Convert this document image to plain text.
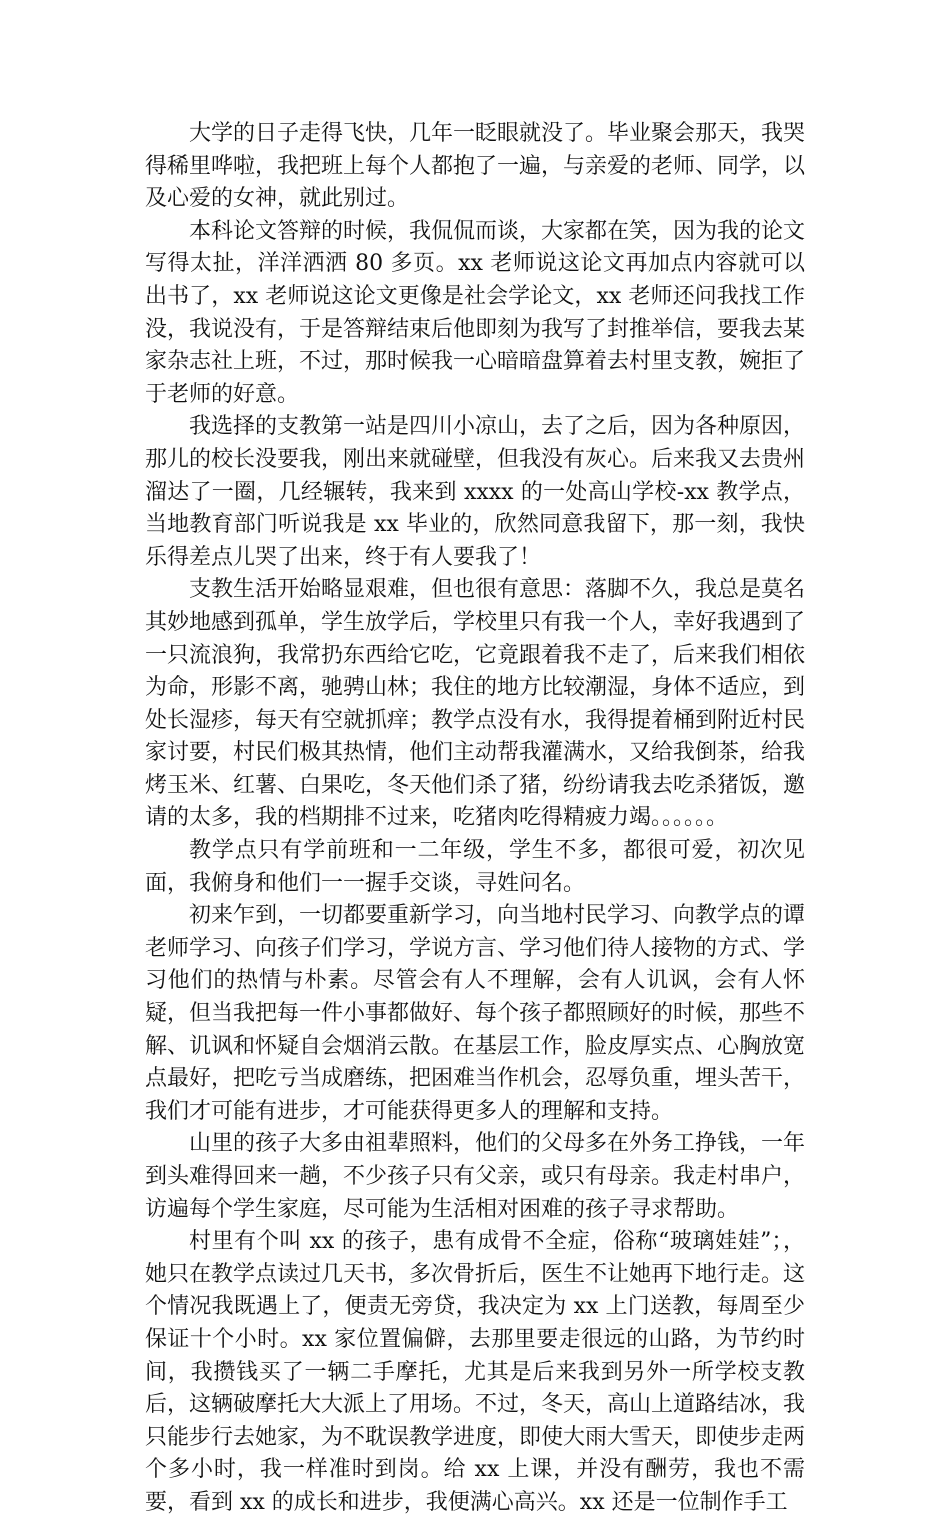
大学的日子走得飞快，几年一眨眼就没了。毕业聚会那天，我哭得稀里哗啦，我把班上每个人都抱了一遍，与亲爱的老师、同学，以及心爱的女神，就此别过。

本科论文答辩的时候，我侃侃而谈，大家都在笑，因为我的论文写得太扯，洋洋洒洒 80 多页。xx 老师说这论文再加点内容就可以出书了，xx 老师说这论文更像是社会学论文，xx 老师还问我找工作没，我说没有，于是答辩结束后他即刻为我写了封推举信，要我去某家杂志社上班，不过，那时候我一心暗暗盘算着去村里支教，婉拒了于老师的好意。

我选择的支教第一站是四川小凉山，去了之后，因为各种原因，那儿的校长没要我，刚出来就碰壁，但我没有灰心。后来我又去贵州溜达了一圈，几经辗转，我来到 xxxx 的一处高山学校-xx 教学点，当地教育部门听说我是 xx 毕业的，欣然同意我留下，那一刻，我快乐得差点儿哭了出来，终于有人要我了！

支教生活开始略显艰难，但也很有意思：落脚不久，我总是莫名其妙地感到孤单，学生放学后，学校里只有我一个人，幸好我遇到了一只流浪狗，我常扔东西给它吃，它竟跟着我不走了，后来我们相依为命，形影不离，驰骋山林；我住的地方比较潮湿，身体不适应，到处长湿疹，每天有空就抓痒；教学点没有水，我得提着桶到附近村民家讨要，村民们极其热情，他们主动帮我灌满水，又给我倒茶，给我烤玉米、红薯、白果吃，冬天他们杀了猪，纷纷请我去吃杀猪饭，邀请的太多，我的档期排不过来，吃猪肉吃得精疲力竭。。。。。。

教学点只有学前班和一二年级，学生不多，都很可爱，初次见面，我俯身和他们一一握手交谈，寻姓问名。

初来乍到，一切都要重新学习，向当地村民学习、向教学点的谭老师学习、向孩子们学习，学说方言、学习他们待人接物的方式、学习他们的热情与朴素。尽管会有人不理解，会有人讥讽，会有人怀疑，但当我把每一件小事都做好、每个孩子都照顾好的时候，那些不解、讥讽和怀疑自会烟消云散。在基层工作，脸皮厚实点、心胸放宽点最好，把吃亏当成磨练，把困难当作机会，忍辱负重，埋头苦干，我们才可能有进步，才可能获得更多人的理解和支持。

山里的孩子大多由祖辈照料，他们的父母多在外务工挣钱，一年到头难得回来一趟，不少孩子只有父亲，或只有母亲。我走村串户，访遍每个学生家庭，尽可能为生活相对困难的孩子寻求帮助。

村里有个叫 xx 的孩子，患有成骨不全症，俗称“玻璃娃娃”；，她只在教学点读过几天书，多次骨折后，医生不让她再下地行走。这个情况我既遇上了，便责无旁贷，我决定为 xx 上门送教，每周至少保证十个小时。xx 家位置偏僻，去那里要走很远的山路，为节约时间，我攒钱买了一辆二手摩托，尤其是后来我到另外一所学校支教后，这辆破摩托大大派上了用场。不过，冬天，高山上道路结冰，我只能步行去她家，为不耽误教学进度，即使大雨大雪天，即使步走两个多小时，我一样准时到岗。给 xx 上课，并没有酬劳，我也不需要，看到 xx 的成长和进步，我便满心高兴。xx 还是一位制作手工
